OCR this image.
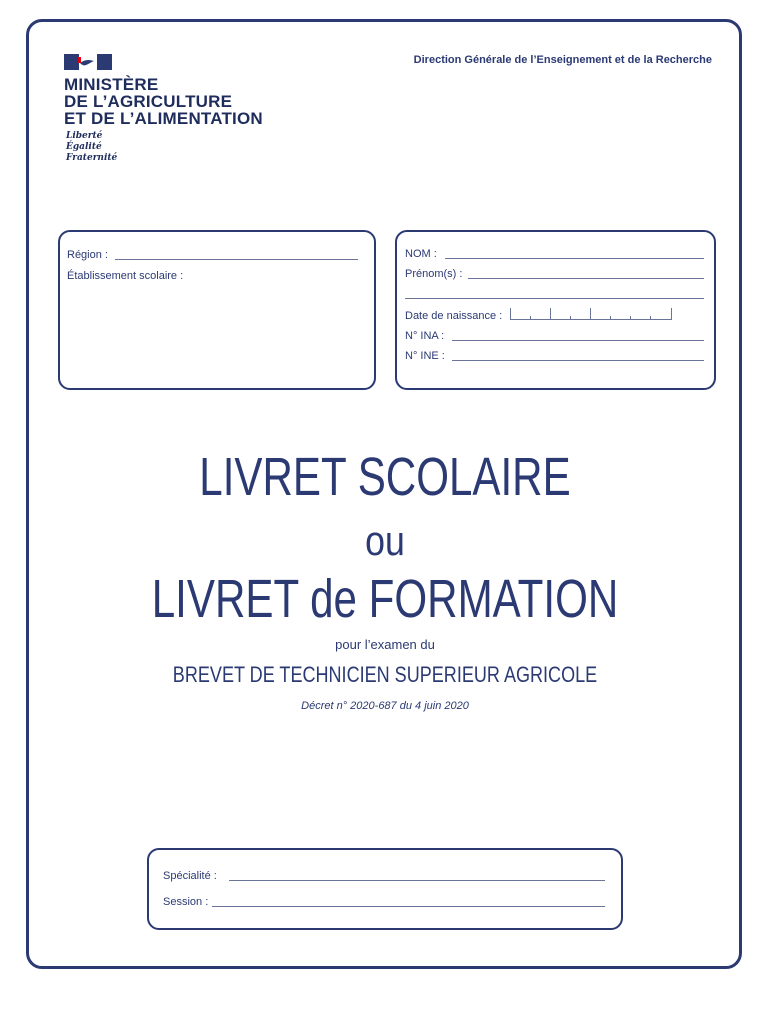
Direction Générale de l’Enseignement et de la Recherche
MINISTÈRE
DE L’AGRICULTURE
ET DE L’ALIMENTATION
Liberté
Égalité
Fraternité
Région :
Établissement scolaire :
NOM :
Prénom(s) :
Date de naissance :
N° INA :
N° INE :
LIVRET SCOLAIRE
ou
LIVRET de FORMATION
pour l’examen du
BREVET DE TECHNICIEN SUPERIEUR AGRICOLE
Décret n° 2020-687 du 4 juin 2020
Spécialité :
Session :
